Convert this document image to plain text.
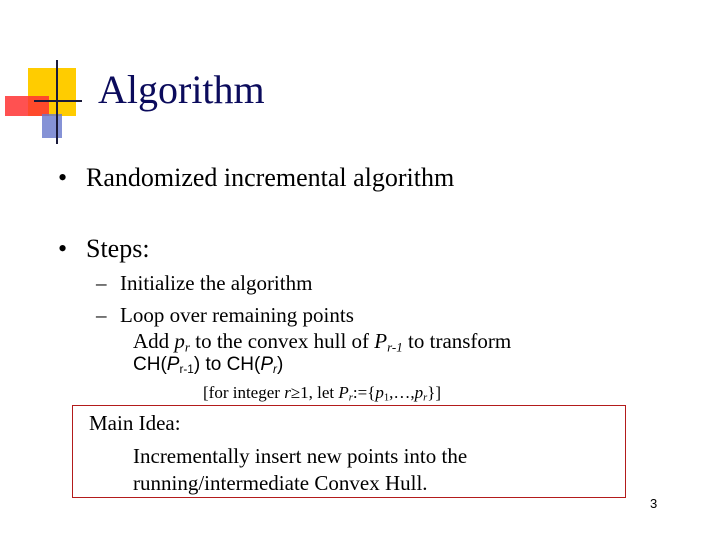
Algorithm
• Randomized incremental algorithm
• Steps:
– Initialize the algorithm
– Loop over remaining points
Add $p_r$ to the convex hull of $P_{r-1}$ to transform
$CH(P_{r-1})$ to $CH(P_r)$
[for integer r≥1, let $P_r:=\{p_1,\dots,p_r\}$]
Main Idea:
Incrementally insert new points into the
running/intermediate Convex Hull.
3
